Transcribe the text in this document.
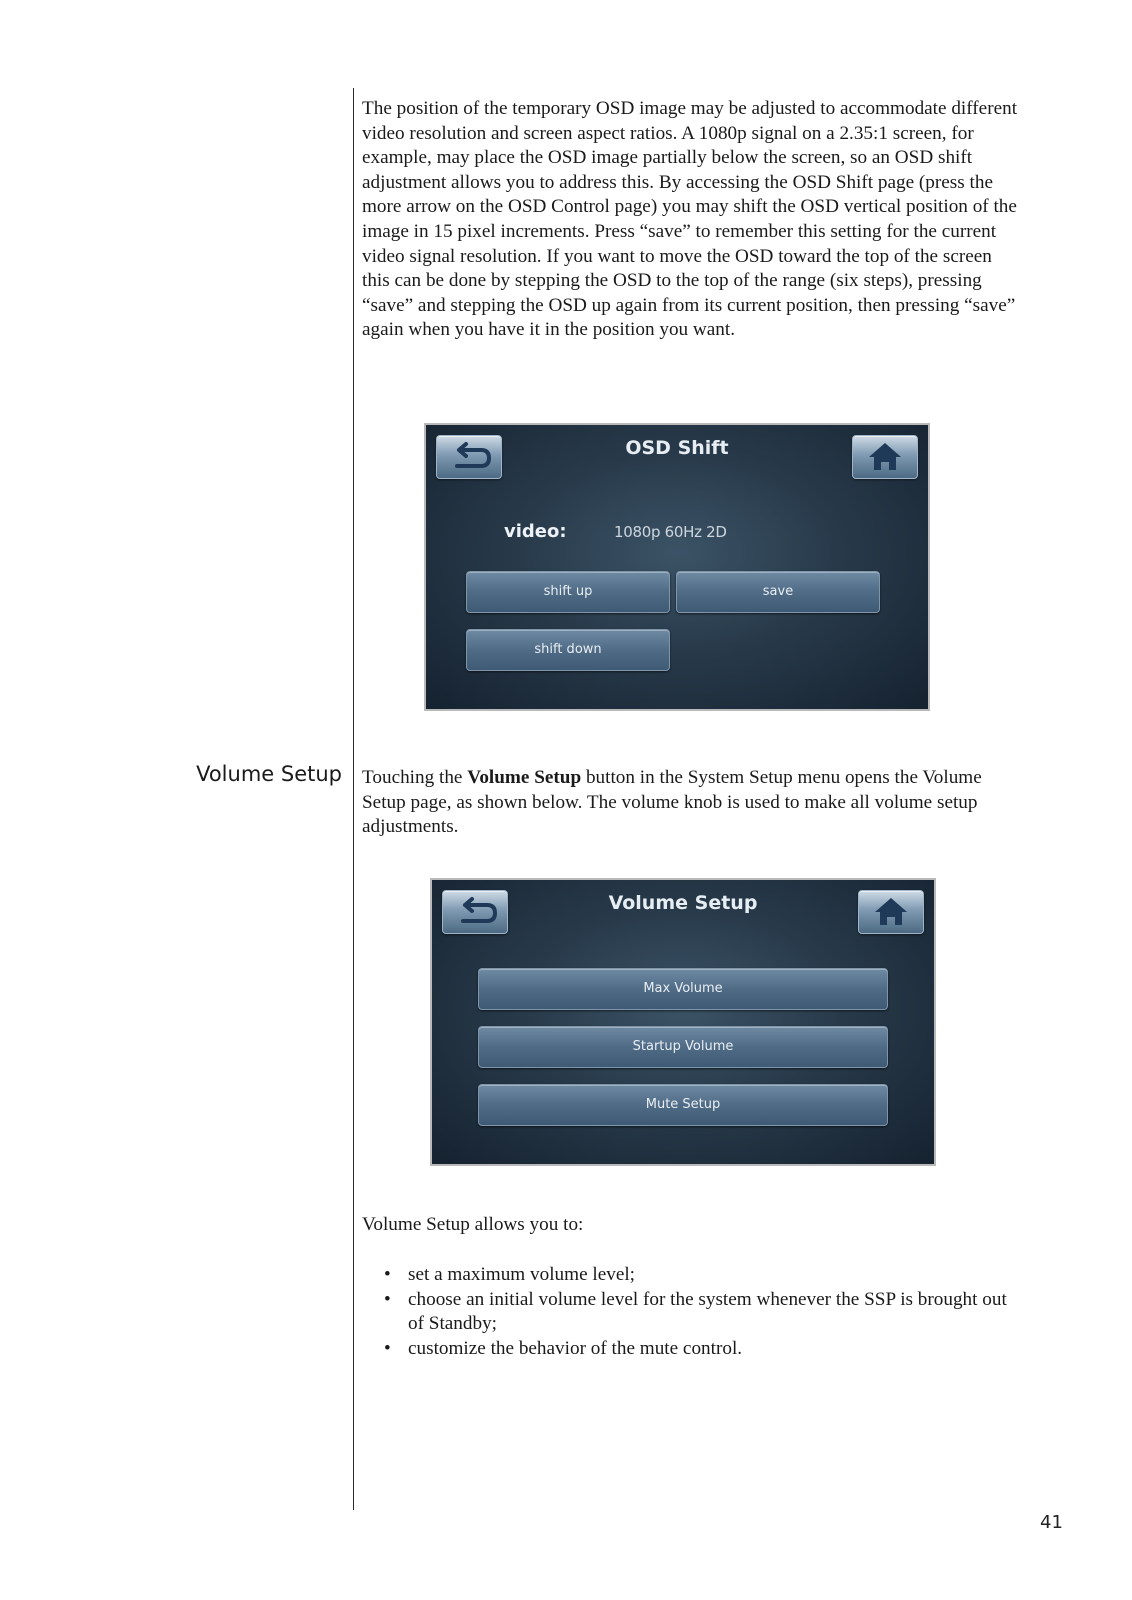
The position of the temporary OSD image may be adjusted to accommodate different video resolution and screen aspect ratios. A 1080p signal on a 2.35:1 screen, for example, may place the OSD image partially below the screen, so an OSD shift adjustment allows you to address this. By accessing the OSD Shift page (press the more arrow on the OSD Control page) you may shift the OSD vertical position of the image in 15 pixel increments. Press “save” to remember this setting for the current video signal resolution. If you want to move the OSD toward the top of the screen this can be done by stepping the OSD to the top of the range (six steps), pressing “save” and stepping the OSD up again from its current position, then pressing “save” again when you have it in the position you want.

OSD Shift
video:	1080p 60Hz 2D
shift up	save
shift down
Volume Setup Touching the Volume Setup button in the System Setup menu opens the Volume Setup page, as shown below. The volume knob is used to make all volume setup adjustments.

Volume Setup
Max Volume
Startup Volume
Mute Setup

Volume Setup allows you to:

• set a maximum volume level;
• choose an initial volume level for the system whenever the SSP is brought out of Standby;
• customize the behavior of the mute control.
41
